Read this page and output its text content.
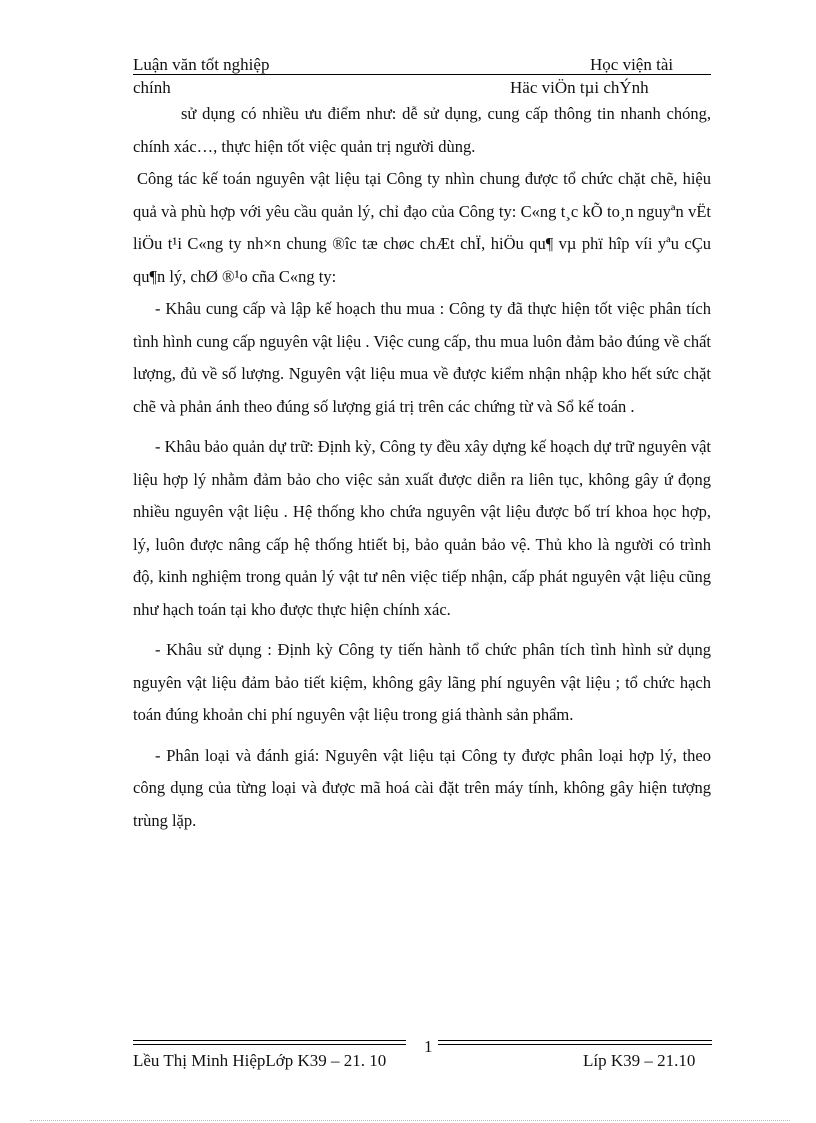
Luận văn tốt nghiệp	Học viện tài
chính	Häc viÖn tµi chÝnh

sử dụng có nhiều ưu điểm như: dễ sử dụng, cung cấp thông tin nhanh chóng, chính xác…, thực hiện tốt việc quản trị người dùng.

Công tác kế toán nguyên vật liệu tại Công ty nhìn chung được tổ chức chặt chẽ, hiệu quả và phù hợp với yêu cầu quản lý, chỉ đạo của Công ty: C«ng t¸c kÕ to¸n nguyªn vËt liÖu t¹i C«ng ty nh×n chung ®îc tæ chøc chÆt chÏ, hiÖu qu¶ vµ phï hîp víi yªu cÇu qu¶n lý, chØ ®¹o cña C«ng ty:

- Khâu cung cấp và lập kế hoạch thu mua : Công ty đã thực hiện tốt việc phân tích tình hình cung cấp nguyên vật liệu . Việc cung cấp, thu mua luôn đảm bảo đúng về chất lượng, đủ về số lượng. Nguyên vật liệu mua về được kiểm nhận nhập kho hết sức chặt chẽ và phản ánh theo đúng số lượng giá trị trên các chứng từ và Sổ kế toán .

- Khâu bảo quản dự trữ: Định kỳ, Công ty đều xây dựng kế hoạch dự trữ nguyên vật liệu hợp lý nhằm đảm bảo cho việc sản xuất được diễn ra liên tục, không gây ứ đọng nhiều nguyên vật liệu . Hệ thống kho chứa nguyên vật liệu được bố trí khoa học hợp, lý, luôn được nâng cấp hệ thống htiết bị, bảo quản bảo vệ. Thủ kho là người có trình độ, kinh nghiệm trong quản lý vật tư nên việc tiếp nhận, cấp phát nguyên vật liệu cũng như hạch toán tại kho được thực hiện chính xác.

- Khâu sử dụng : Định kỳ Công ty tiến hành tổ chức phân tích tình hình sử dụng nguyên vật liệu đảm bảo tiết kiệm, không gây lãng phí nguyên vật liệu ; tổ chức hạch toán đúng khoản chi phí nguyên vật liệu trong giá thành sản phẩm.

- Phân loại và đánh giá: Nguyên vật liệu tại Công ty được phân loại hợp lý, theo công dụng của từng loại và được mã hoá cài đặt trên máy tính, không gây hiện tượng trùng lặp.

1
Lều Thị Minh HiệpLớp K39 – 21. 10	Líp K39 – 21.10
